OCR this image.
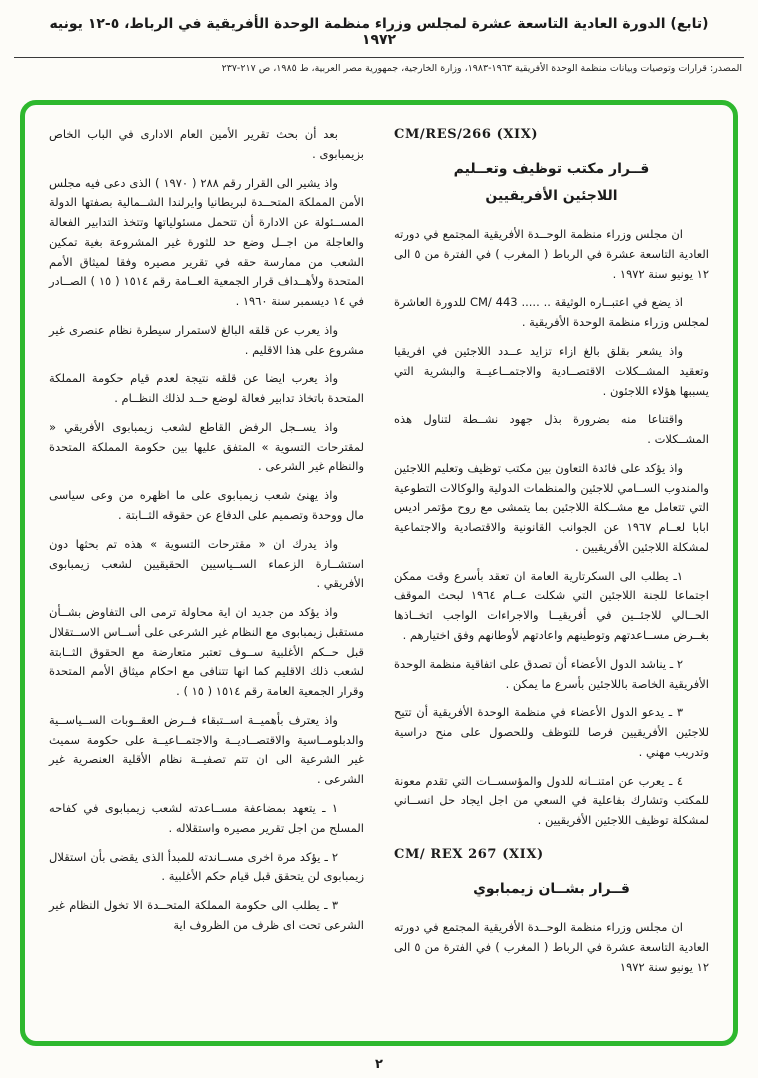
(تابع) الدورة العادية التاسعة عشرة لمجلس وزراء منظمة الوحدة الأفريقية في الرباط، ٥-١٢ يونيه ١٩٧٢
المصدر: قرارات وتوصيات وبيانات منظمة الوحدة الأفريقية ١٩٦٣-١٩٨٣، وزارة الخارجية، جمهورية مصر العربية، ط ١٩٨٥، ص ٢١٧-٢٣٧
CM/RES/266 (XIX)
قــرار مكتب توظيف وتعــليم
اللاجئين الأفريقيين

ان مجلس وزراء منظمة الوحــدة الأفريقية المجتمع في دورته العادية التاسعة عشرة في الرباط ( المغرب ) في الفترة من ٥ الى ١٢ يونيو سنة ١٩٧٢ .

اذ يضع في اعتبــاره الوثيقة .. ..... ‎CM/ 443‎ للدورة العاشرة لمجلس وزراء منظمة الوحدة الأفريقية .

واذ يشعر بقلق بالغ ازاء تزايد عــدد اللاجئين في افريقيا وتعقيد المشــكلات الاقتصــادية والاجتمــاعيــة والبشرية التي يسببها هؤلاء اللاجئون .

واقتناعا منه بضرورة بذل جهود نشــطة لتناول هذه المشــكلات .

واذ يؤكد على فائدة التعاون بين مكتب توظيف وتعليم اللاجئين والمندوب الســامي للاجئين والمنظمات الدولية والوكالات التطوعية التي تتعامل مع مشــكلة اللاجئين بما يتمشى مع روح مؤتمر اديس ابابا لعــام ١٩٦٧ عن الجوانب القانونية والاقتصادية والاجتماعية لمشكلة اللاجئين الأفريقيين .

١ـ يطلب الى السكرتارية العامة ان تعقد بأسرع وقت ممكن اجتماعا للجنة اللاجئين التي شكلت عــام ١٩٦٤ لبحث الموقف الحــالي للاجئــين في أفريقيــا والاجراءات الواجب اتخــاذها بغــرض مســاعدتهم وتوطينهم واعادتهم لأوطانهم وفق اختيارهم .

٢ ـ يناشد الدول الأعضاء أن تصدق على اتفاقية منظمة الوحدة الأفريقية الخاصة باللاجئين بأسرع ما يمكن .

٣ ـ يدعو الدول الأعضاء في منظمة الوحدة الأفريقية أن تتيح للاجئين الأفريقيين فرصا للتوظف وللحصول على منح دراسية وتدريب مهني .

٤ ـ يعرب عن امتنــانه للدول والمؤسســات التي تقدم معونة للمكتب وتشارك بفاعلية في السعي من اجل ايجاد حل انســاني لمشكلة توظيف اللاجئين الأفريقيين .

CM/ REX 267 (XIX)
قــرار بشــان زيمبابوي

ان مجلس وزراء منظمة الوحــدة الأفريقية المجتمع في دورته العادية التاسعة عشرة في الرباط ( المغرب ) في الفترة من ٥ الى ١٢ يونيو سنة ١٩٧٢

بعد أن بحث تقرير الأمين العام الادارى في الباب الخاص بزيمبابوى .

واذ يشير الى القرار رقم ٢٨٨ ( ١٩٧٠ ) الذى دعى فيه مجلس الأمن المملكة المتحــدة لبريطانيا وايرلندا الشــمالية بصفتها الدولة المســئولة عن الادارة أن تتحمل مسئولياتها وتتخذ التدابير الفعالة والعاجلة من اجــل وضع حد للثورة غير المشروعة بغية تمكين الشعب من ممارسة حقه في تقرير مصيره وفقا لميثاق الأمم المتحدة ولأهــداف قرار الجمعية العــامة رقم ١٥١٤ ( ١٥ ) الصــادر في ١٤ ديسمبر سنة ١٩٦٠ .

واذ يعرب عن قلقه البالغ لاستمرار سيطرة نظام عنصرى غير مشروع على هذا الاقليم .

واذ يعرب ايضا عن قلقه نتيجة لعدم قيام حكومة المملكة المتحدة باتخاذ تدابير فعالة لوضع حــد لذلك النظــام .

واذ يســجل الرفض القاطع لشعب زيمبابوى الأفريقي « لمقترحات التسوية » المتفق عليها بين حكومة المملكة المتحدة والنظام غير الشرعى .

واذ يهنئ شعب زيمبابوى على ما اظهره من وعى سياسى مال ووحدة وتصميم على الدفاع عن حقوقه الثــابتة .

واذ يدرك ان « مقترحات التسوية » هذه تم بحثها دون استشــارة الزعماء الســياسيين الحقيقيين لشعب زيمبابوى الأفريقي .

واذ يؤكد من جديد ان اية محاولة ترمى الى التفاوض بشــأن مستقبل زيمبابوى مع النظام غير الشرعى على أســاس الاســتقلال قبل حــكم الأغلبية ســوف تعتبر متعارضة مع الحقوق الثــابتة لشعب ذلك الاقليم كما انها تتنافى مع احكام ميثاق الأمم المتحدة وقرار الجمعية العامة رقم ١٥١٤ ( ١٥ ) .

واذ يعترف بأهميــة اســتبقاء فــرض العقــوبات الســياســية والدبلومــاسية والاقتصــاديــة والاجتمــاعيــة على حكومة سميث غير الشرعية الى ان تتم تصفيــة نظام الأقلية العنصرية غير الشرعى .

١ ـ يتعهد بمضاعفة مســاعدته لشعب زيمبابوى في كفاحه المسلح من اجل تقرير مصيره واستقلاله .

٢ ـ يؤكد مرة اخرى مســاندته للمبدأ الذى يقضى بأن استقلال زيمبابوى لن يتحقق قبل قيام حكم الأغلبية .

٣ ـ يطلب الى حكومة المملكة المتحــدة الا تخول النظام غير الشرعى تحت اى ظرف من الظروف اية

٢
